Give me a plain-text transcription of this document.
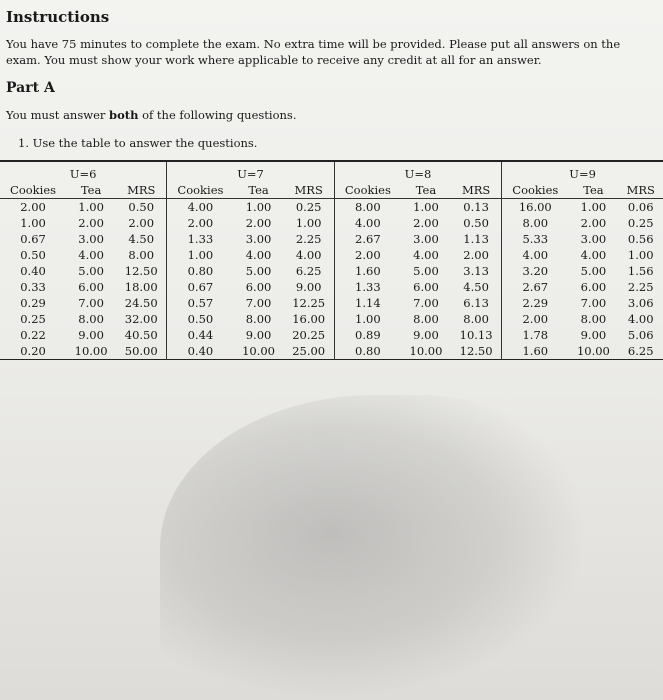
Instructions
You have 75 minutes to complete the exam. No extra time will be provided. Please put all answers on the exam. You must show your work where applicable to receive any credit at all for an answer.
Part A
You must answer both of the following questions.
1. Use the table to answer the questions.
U=6			U=7			U=8			U=9		
Cookies	Tea	MRS	Cookies	Tea	MRS	Cookies	Tea	MRS	Cookies	Tea	MRS
2.00	1.00	0.50	4.00	1.00	0.25	8.00	1.00	0.13	16.00	1.00	0.06
1.00	2.00	2.00	2.00	2.00	1.00	4.00	2.00	0.50	8.00	2.00	0.25
0.67	3.00	4.50	1.33	3.00	2.25	2.67	3.00	1.13	5.33	3.00	0.56
0.50	4.00	8.00	1.00	4.00	4.00	2.00	4.00	2.00	4.00	4.00	1.00
0.40	5.00	12.50	0.80	5.00	6.25	1.60	5.00	3.13	3.20	5.00	1.56
0.33	6.00	18.00	0.67	6.00	9.00	1.33	6.00	4.50	2.67	6.00	2.25
0.29	7.00	24.50	0.57	7.00	12.25	1.14	7.00	6.13	2.29	7.00	3.06
0.25	8.00	32.00	0.50	8.00	16.00	1.00	8.00	8.00	2.00	8.00	4.00
0.22	9.00	40.50	0.44	9.00	20.25	0.89	9.00	10.13	1.78	9.00	5.06
0.20	10.00	50.00	0.40	10.00	25.00	0.80	10.00	12.50	1.60	10.00	6.25
